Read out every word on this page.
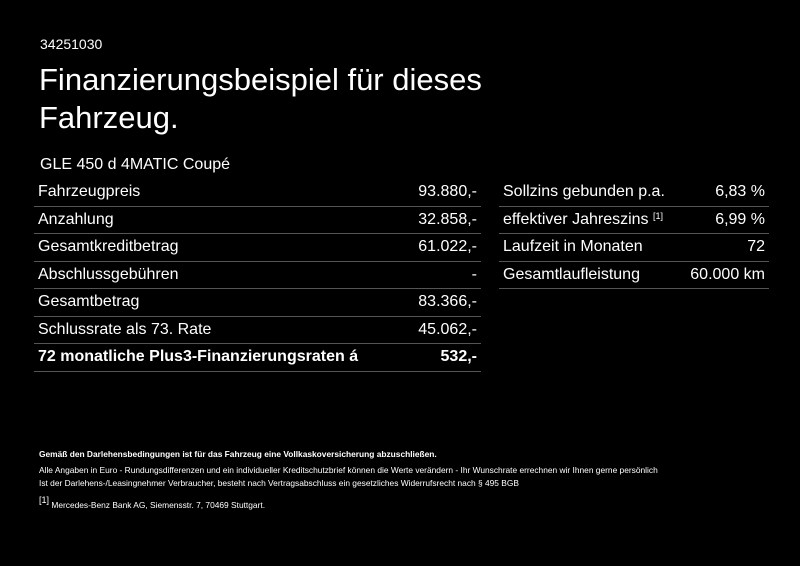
34251030
Finanzierungsbeispiel für dieses Fahrzeug.
GLE 450 d 4MATIC Coupé
Fahrzeugpreis	93.880,-
Anzahlung	32.858,-
Gesamtkreditbetrag	61.022,-
Abschlussgebühren	-
Gesamtbetrag	83.366,-
Schlussrate als 73. Rate	45.062,-
72 monatliche Plus3-Finanzierungsraten á	532,-
Sollzins gebunden p.a.	6,83 %
effektiver Jahreszins [1]	6,99 %
Laufzeit in Monaten	72
Gesamtlaufleistung	60.000 km

Gemäß den Darlehensbedingungen ist für das Fahrzeug eine Vollkaskoversicherung abzuschließen.

Alle Angaben in Euro - Rundungsdifferenzen und ein individueller Kreditschutzbrief können die Werte verändern - Ihr Wunschrate errechnen wir Ihnen gerne persönlich

Ist der Darlehens-/Leasingnehmer Verbraucher, besteht nach Vertragsabschluss ein gesetzliches Widerrufsrecht nach § 495 BGB

[1] Mercedes-Benz Bank AG, Siemensstr. 7, 70469 Stuttgart.
